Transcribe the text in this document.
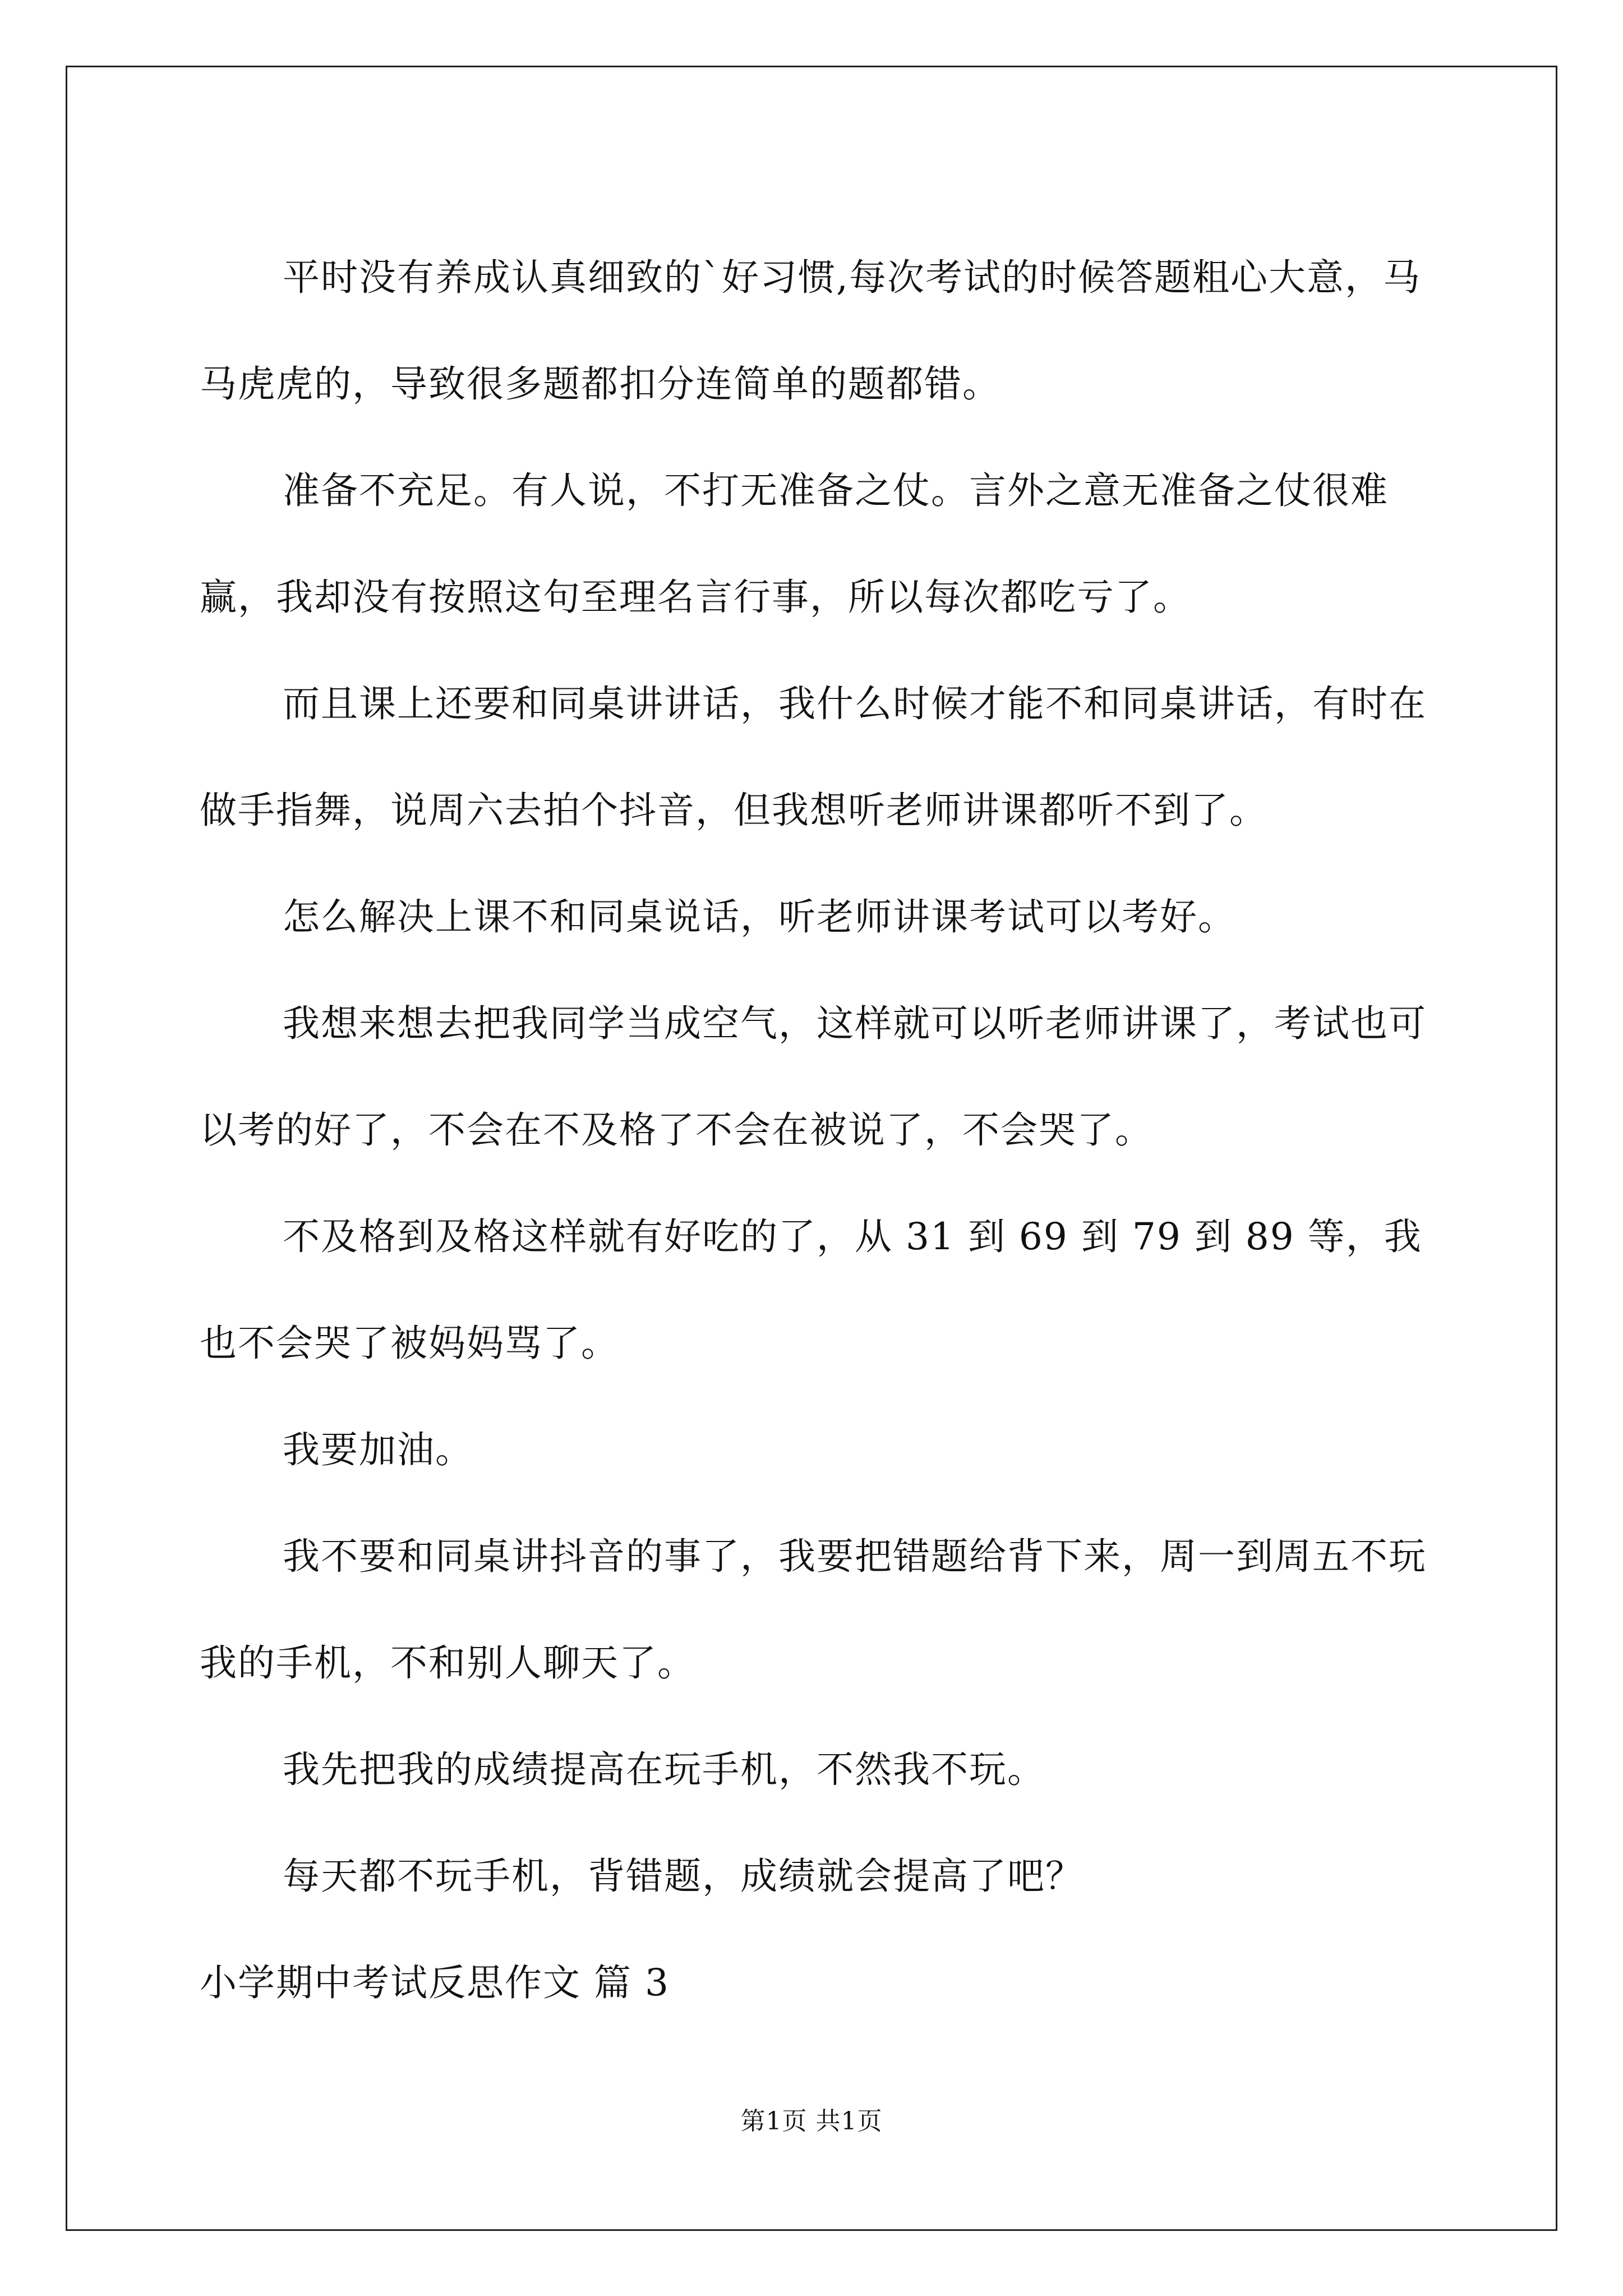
平时没有养成认真细致的`好习惯,每次考试的时候答题粗心大意，马马虎虎的，导致很多题都扣分连简单的题都错。

准备不充足。有人说，不打无准备之仗。言外之意无准备之仗很难赢，我却没有按照这句至理名言行事，所以每次都吃亏了。

而且课上还要和同桌讲讲话，我什么时候才能不和同桌讲话，有时在做手指舞，说周六去拍个抖音，但我想听老师讲课都听不到了。

怎么解决上课不和同桌说话，听老师讲课考试可以考好。

我想来想去把我同学当成空气，这样就可以听老师讲课了，考试也可以考的好了，不会在不及格了不会在被说了，不会哭了。

不及格到及格这样就有好吃的了，从 31 到 69 到 79 到 89 等，我也不会哭了被妈妈骂了。

我要加油。

我不要和同桌讲抖音的事了，我要把错题给背下来，周一到周五不玩我的手机，不和别人聊天了。

我先把我的成绩提高在玩手机，不然我不玩。

每天都不玩手机，背错题，成绩就会提高了吧？

小学期中考试反思作文 篇 3

第1页 共1页
